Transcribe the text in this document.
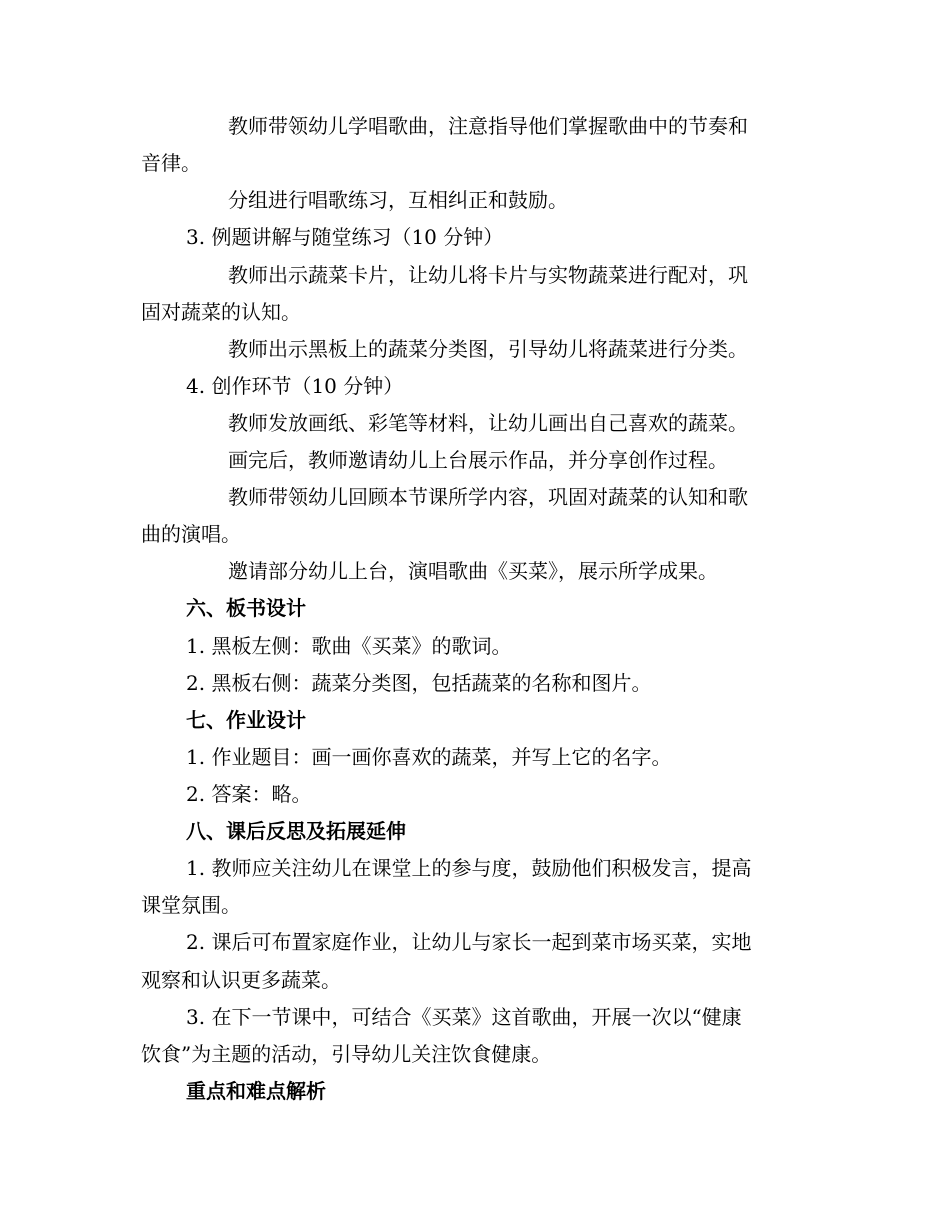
教师带领幼儿学唱歌曲，注意指导他们掌握歌曲中的节奏和
音律。
分组进行唱歌练习，互相纠正和鼓励。
3. 例题讲解与随堂练习（10 分钟）
教师出示蔬菜卡片，让幼儿将卡片与实物蔬菜进行配对，巩
固对蔬菜的认知。
教师出示黑板上的蔬菜分类图，引导幼儿将蔬菜进行分类。
4. 创作环节（10 分钟）
教师发放画纸、彩笔等材料，让幼儿画出自己喜欢的蔬菜。
画完后，教师邀请幼儿上台展示作品，并分享创作过程。
教师带领幼儿回顾本节课所学内容，巩固对蔬菜的认知和歌
曲的演唱。
邀请部分幼儿上台，演唱歌曲《买菜》，展示所学成果。
六、板书设计
1. 黑板左侧：歌曲《买菜》的歌词。
2. 黑板右侧：蔬菜分类图，包括蔬菜的名称和图片。
七、作业设计
1. 作业题目：画一画你喜欢的蔬菜，并写上它的名字。
2. 答案：略。
八、课后反思及拓展延伸
1. 教师应关注幼儿在课堂上的参与度，鼓励他们积极发言，提高
课堂氛围。
2. 课后可布置家庭作业，让幼儿与家长一起到菜市场买菜，实地
观察和认识更多蔬菜。
3. 在下一节课中，可结合《买菜》这首歌曲，开展一次以“健康
饮食”为主题的活动，引导幼儿关注饮食健康。
重点和难点解析
